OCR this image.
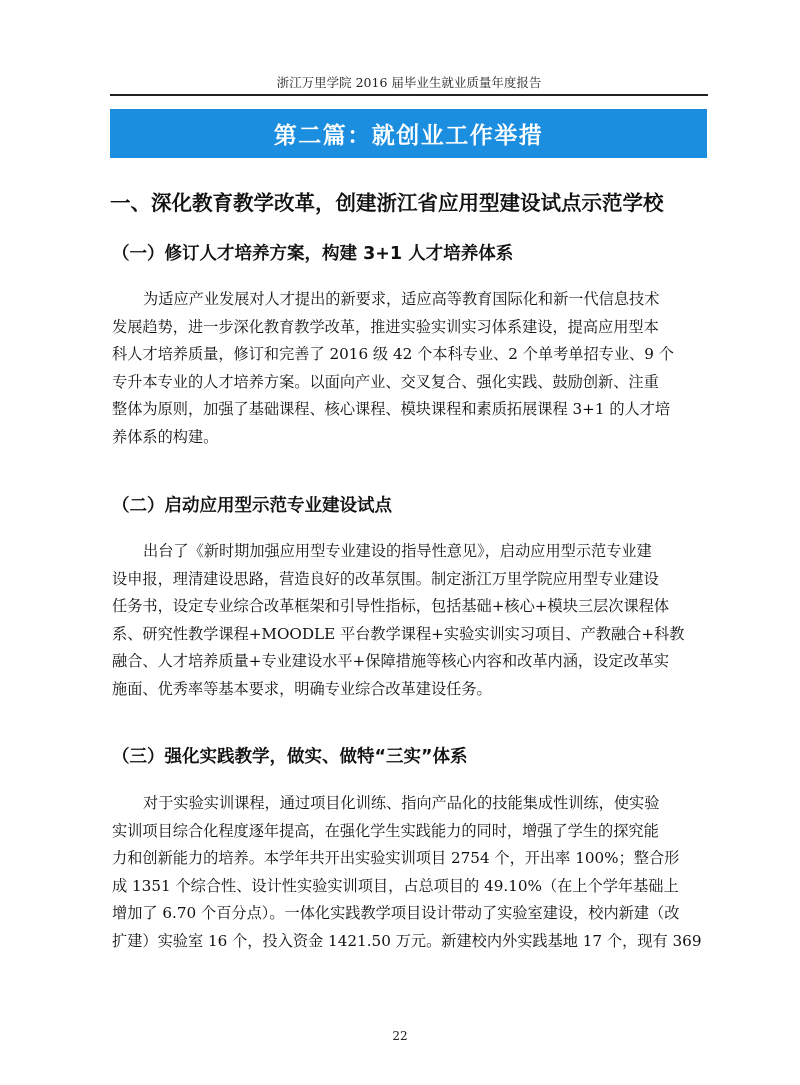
浙江万里学院 2016 届毕业生就业质量年度报告
第二篇：就创业工作举措
一、深化教育教学改革，创建浙江省应用型建设试点示范学校
（一）修订人才培养方案，构建 3+1 人才培养体系
为适应产业发展对人才提出的新要求，适应高等教育国际化和新一代信息技术
发展趋势，进一步深化教育教学改革，推进实验实训实习体系建设，提高应用型本
科人才培养质量，修订和完善了 2016 级 42 个本科专业、2 个单考单招专业、9 个
专升本专业的人才培养方案。以面向产业、交叉复合、强化实践、鼓励创新、注重
整体为原则，加强了基础课程、核心课程、模块课程和素质拓展课程 3+1 的人才培
养体系的构建。
（二）启动应用型示范专业建设试点
出台了《新时期加强应用型专业建设的指导性意见》，启动应用型示范专业建
设申报，理清建设思路，营造良好的改革氛围。制定浙江万里学院应用型专业建设
任务书，设定专业综合改革框架和引导性指标，包括基础+核心+模块三层次课程体
系、研究性教学课程+MOODLE 平台教学课程+实验实训实习项目、产教融合+科教
融合、人才培养质量+专业建设水平+保障措施等核心内容和改革内涵，设定改革实
施面、优秀率等基本要求，明确专业综合改革建设任务。
（三）强化实践教学，做实、做特“三实”体系
对于实验实训课程，通过项目化训练、指向产品化的技能集成性训练，使实验
实训项目综合化程度逐年提高，在强化学生实践能力的同时，增强了学生的探究能
力和创新能力的培养。本学年共开出实验实训项目 2754 个，开出率 100%；整合形
成 1351 个综合性、设计性实验实训项目，占总项目的 49.10%（在上个学年基础上
增加了 6.70 个百分点）。一体化实践教学项目设计带动了实验室建设，校内新建（改
扩建）实验室 16 个，投入资金 1421.50 万元。新建校内外实践基地 17 个，现有 369
22
